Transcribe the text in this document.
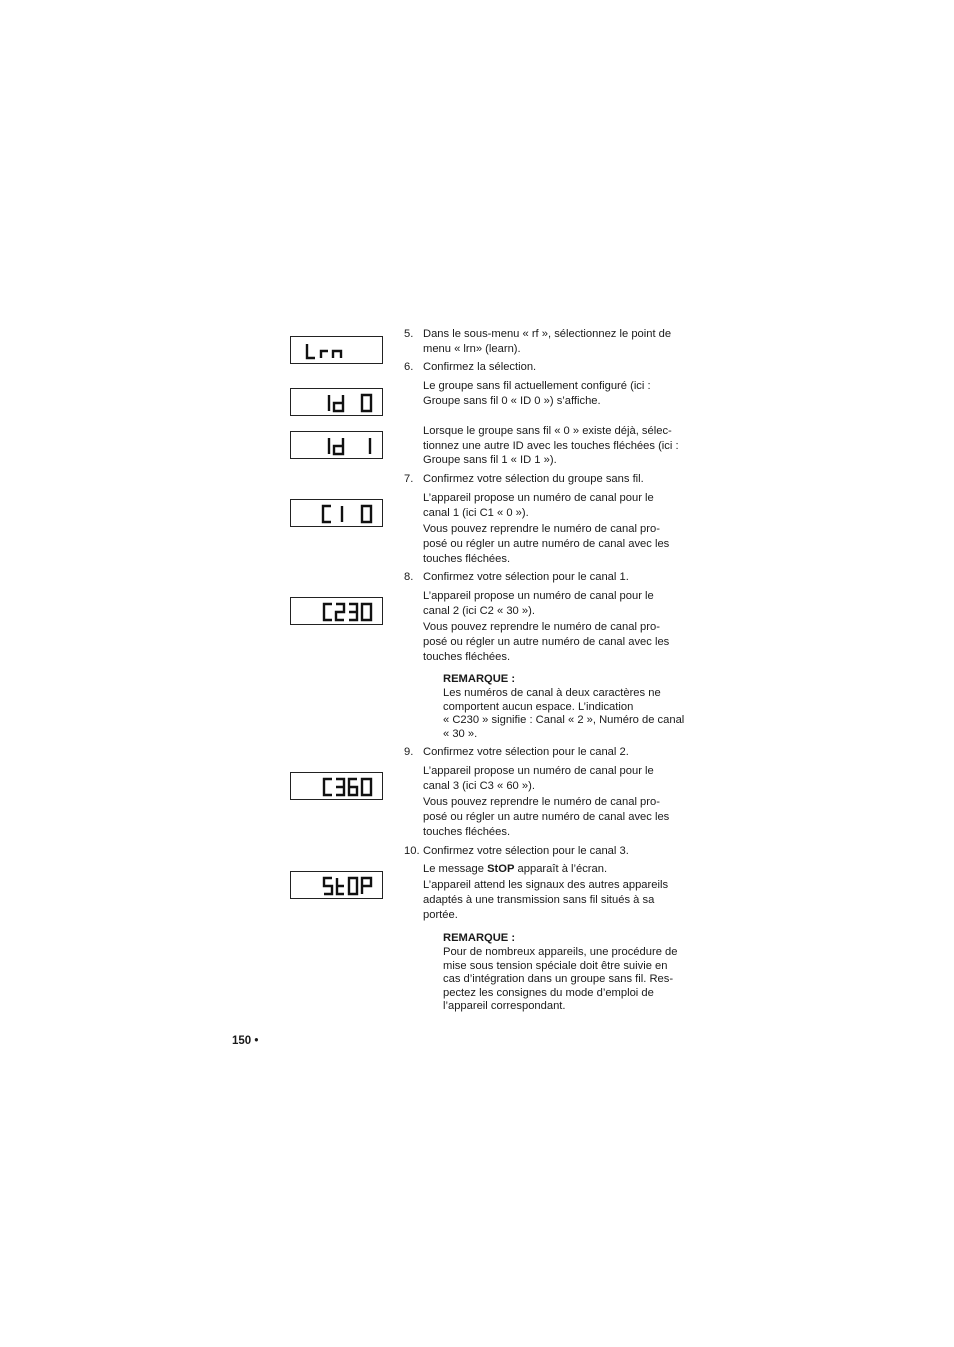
5. Dans le sous-menu « rf », sélectionnez le point de
menu « lrn» (learn).
6. Confirmez la sélection.
Le groupe sans fil actuellement configuré (ici :
Groupe sans fil 0 « ID 0 ») s’affiche.
Lorsque le groupe sans fil « 0 » existe déjà, sélec-
tionnez une autre ID avec les touches fléchées (ici :
Groupe sans fil 1 « ID 1 »).
7. Confirmez votre sélection du groupe sans fil.
L’appareil propose un numéro de canal pour le
canal 1 (ici C1 « 0 »).
Vous pouvez reprendre le numéro de canal pro-
posé ou régler un autre numéro de canal avec les
touches fléchées.
8. Confirmez votre sélection pour le canal 1.
L’appareil propose un numéro de canal pour le
canal 2 (ici C2 « 30 »).
Vous pouvez reprendre le numéro de canal pro-
posé ou régler un autre numéro de canal avec les
touches fléchées.
REMARQUE :
Les numéros de canal à deux caractères ne
comportent aucun espace. L’indication
« C230 » signifie : Canal « 2 », Numéro de canal
« 30 ».
9. Confirmez votre sélection pour le canal 2.
L’appareil propose un numéro de canal pour le
canal 3 (ici C3 « 60 »).
Vous pouvez reprendre le numéro de canal pro-
posé ou régler un autre numéro de canal avec les
touches fléchées.
10. Confirmez votre sélection pour le canal 3.
Le message StOP apparaît à l’écran.
L’appareil attend les signaux des autres appareils
adaptés à une transmission sans fil situés à sa
portée.
REMARQUE :
Pour de nombreux appareils, une procédure de
mise sous tension spéciale doit être suivie en
cas d’intégration dans un groupe sans fil. Res-
pectez les consignes du mode d’emploi de
l’appareil correspondant.
150 •
